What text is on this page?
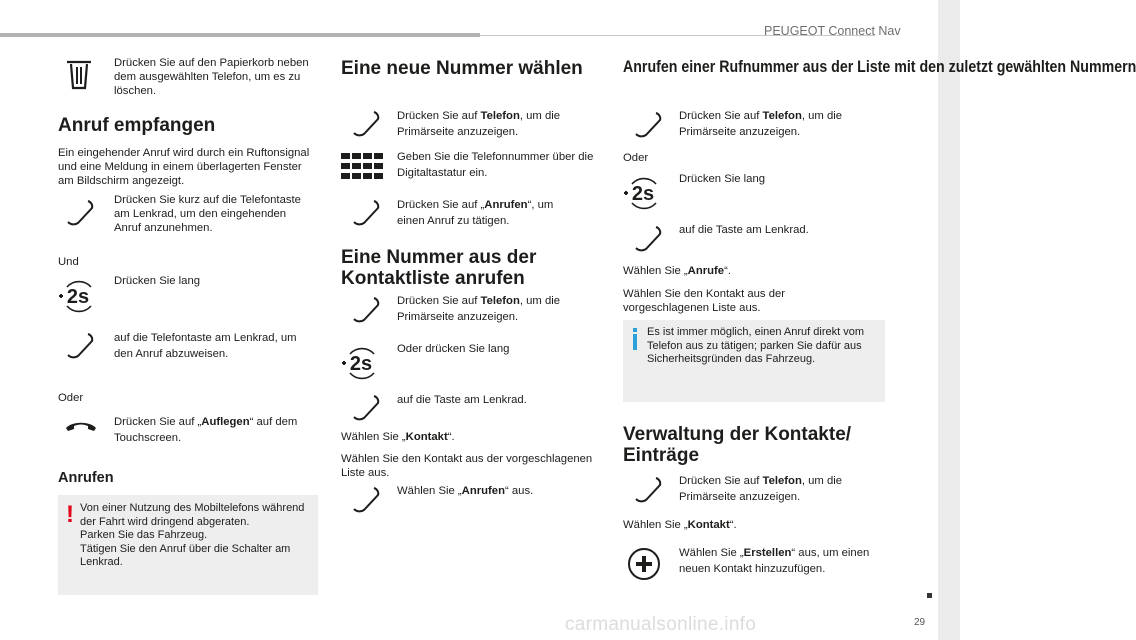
PEUGEOT Connect Nav
29
carmanualsonline.info
Drücken Sie auf den Papierkorb neben dem ausgewählten Telefon, um es zu löschen.
Anruf empfangen
Ein eingehender Anruf wird durch ein Ruftonsignal und eine Meldung in einem überlagerten Fenster am Bildschirm angezeigt.
Drücken Sie kurz auf die Telefontaste am Lenkrad, um den eingehenden Anruf anzunehmen.
Und
2s
Drücken Sie lang
auf die Telefontaste am Lenkrad, um den Anruf abzuweisen.
Oder
Drücken Sie auf „Auflegen“ auf dem Touchscreen.
Anrufen
! Von einer Nutzung des Mobiltelefons während der Fahrt wird dringend abgeraten.
Parken Sie das Fahrzeug.
Tätigen Sie den Anruf über die Schalter am Lenkrad.
Eine neue Nummer wählen
Drücken Sie auf Telefon, um die Primärseite anzuzeigen.
Geben Sie die Telefonnummer über die Digitaltastatur ein.
Drücken Sie auf „Anrufen“, um einen Anruf zu tätigen.
Eine Nummer aus der Kontaktliste anrufen
Drücken Sie auf Telefon, um die Primärseite anzuzeigen.
2s
Oder drücken Sie lang
auf die Taste am Lenkrad.
Wählen Sie „Kontakt“.
Wählen Sie den Kontakt aus der vorgeschlagenen Liste aus.
Wählen Sie „Anrufen“ aus.
Anrufen einer Rufnummer aus der Liste mit den zuletzt gewählten Nummern
Drücken Sie auf Telefon, um die Primärseite anzuzeigen.
Oder
2s
Drücken Sie lang
auf die Taste am Lenkrad.
Wählen Sie „Anrufe“.
Wählen Sie den Kontakt aus der vorgeschlagenen Liste aus.
Es ist immer möglich, einen Anruf direkt vom Telefon aus zu tätigen; parken Sie dafür aus Sicherheitsgründen das Fahrzeug.
Verwaltung der Kontakte/ Einträge
Drücken Sie auf Telefon, um die Primärseite anzuzeigen.
Wählen Sie „Kontakt“.
Wählen Sie „Erstellen“ aus, um einen neuen Kontakt hinzuzufügen.
